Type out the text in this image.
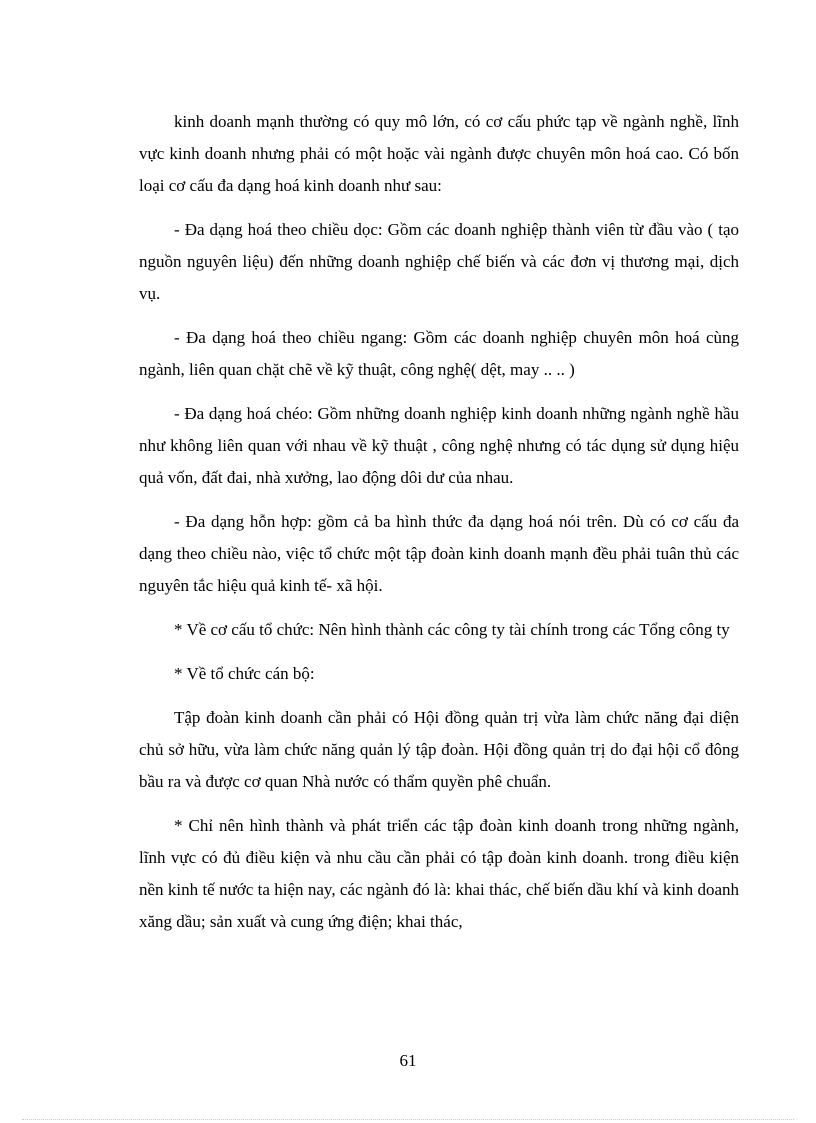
kinh doanh mạnh thường có quy mô lớn, có cơ cấu phức tạp về ngành nghề, lĩnh vực kinh doanh nhưng phải có một hoặc vài ngành được chuyên môn hoá cao. Có bốn loại cơ cấu đa dạng hoá kinh doanh như sau:

- Đa dạng hoá theo chiều dọc: Gồm các doanh nghiệp thành viên từ đầu vào ( tạo nguồn nguyên liệu) đến những doanh nghiệp chế biến và các đơn vị thương mại, dịch vụ.

- Đa dạng hoá theo chiều ngang: Gồm các doanh nghiệp chuyên môn hoá cùng ngành, liên quan chặt chẽ về kỹ thuật, công nghệ( dệt, may .. .. )

- Đa dạng hoá chéo: Gồm những doanh nghiệp kinh doanh những ngành nghề hầu như không liên quan với nhau về kỹ thuật , công nghệ nhưng có tác dụng sử dụng hiệu quả vốn, đất đai, nhà xưởng, lao động dôi dư của nhau.

- Đa dạng hỗn hợp: gồm cả ba hình thức đa dạng hoá nói trên. Dù có cơ cấu đa dạng theo chiều nào, việc tổ chức một tập đoàn kinh doanh mạnh đều phải tuân thủ các nguyên tắc hiệu quả kinh tế- xã hội.

* Về cơ cấu tổ chức: Nên hình thành các công ty tài chính trong các Tổng công ty

* Về tổ chức cán bộ:

Tập đoàn kinh doanh cần phải có Hội đồng quản trị vừa làm chức năng đại diện chủ sở hữu, vừa làm chức năng quản lý tập đoàn. Hội đồng quản trị do đại hội cổ đông bầu ra và được cơ quan Nhà nước có thẩm quyền phê chuẩn.

* Chỉ nên hình thành và phát triển các tập đoàn kinh doanh trong những ngành, lĩnh vực có đủ điều kiện và nhu cầu cần phải có tập đoàn kinh doanh. trong điều kiện nền kinh tế nước ta hiện nay, các ngành đó là: khai thác, chế biến dầu khí và kinh doanh xăng dầu; sản xuất và cung ứng điện; khai thác,

61
